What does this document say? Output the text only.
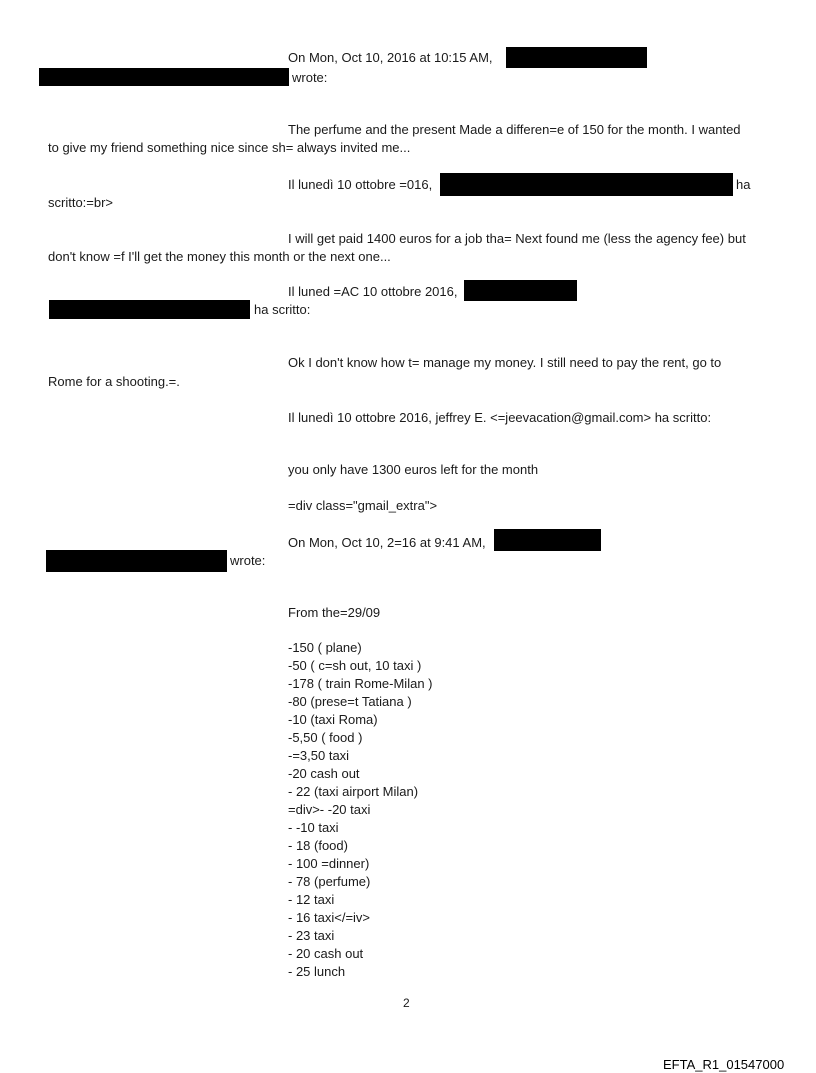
On Mon, Oct 10, 2016 at 10:15 AM,
wrote:
The perfume and the present Made a differen=e of 150 for the month. I wanted
to give my friend something nice since sh= always invited me...
Il lunedì 10 ottobre =016,	ha
scritto:=br>
I will get paid 1400 euros for a job tha= Next found me (less the agency fee) but
don't know =f I'll get the money this month or the next one...
Il luned =AC 10 ottobre 2016,
ha scritto:
Ok I don't know how t= manage my money. I still need to pay the rent, go to
Rome for a shooting.=.
Il lunedì 10 ottobre 2016, jeffrey E. <=jeevacation@gmail.com> ha scritto:
you only have 1300 euros left for the month
=div class="gmail_extra">
On Mon, Oct 10, 2=16 at 9:41 AM,
wrote:
From the=29/09
-150 ( plane)
-50 ( c=sh out, 10 taxi )
-178 ( train Rome-Milan )
-80 (prese=t Tatiana )
-10 (taxi Roma)
-5,50 ( food )
-=3,50 taxi
-20 cash out
- 22 (taxi airport Milan)
=div>- -20 taxi
- -10 taxi
- 18 (food)
- 100 =dinner)
- 78 (perfume)
- 12 taxi
- 16 taxi</=iv>
- 23 taxi
- 20 cash out
- 25 lunch
2
EFTA_R1_01547000
